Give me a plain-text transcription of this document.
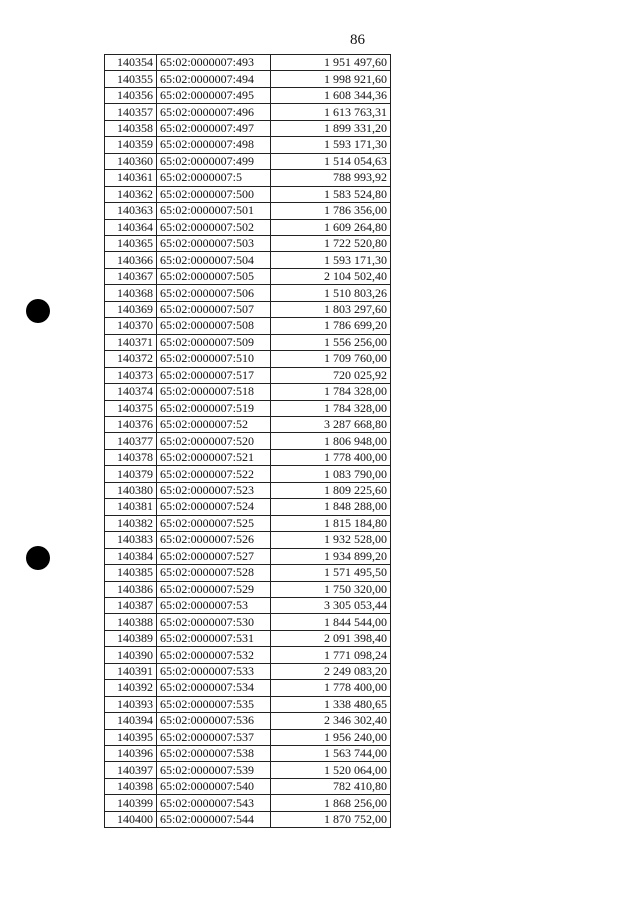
86
140354	65:02:0000007:493	1 951 497,60
140355	65:02:0000007:494	1 998 921,60
140356	65:02:0000007:495	1 608 344,36
140357	65:02:0000007:496	1 613 763,31
140358	65:02:0000007:497	1 899 331,20
140359	65:02:0000007:498	1 593 171,30
140360	65:02:0000007:499	1 514 054,63
140361	65:02:0000007:5	788 993,92
140362	65:02:0000007:500	1 583 524,80
140363	65:02:0000007:501	1 786 356,00
140364	65:02:0000007:502	1 609 264,80
140365	65:02:0000007:503	1 722 520,80
140366	65:02:0000007:504	1 593 171,30
140367	65:02:0000007:505	2 104 502,40
140368	65:02:0000007:506	1 510 803,26
140369	65:02:0000007:507	1 803 297,60
140370	65:02:0000007:508	1 786 699,20
140371	65:02:0000007:509	1 556 256,00
140372	65:02:0000007:510	1 709 760,00
140373	65:02:0000007:517	720 025,92
140374	65:02:0000007:518	1 784 328,00
140375	65:02:0000007:519	1 784 328,00
140376	65:02:0000007:52	3 287 668,80
140377	65:02:0000007:520	1 806 948,00
140378	65:02:0000007:521	1 778 400,00
140379	65:02:0000007:522	1 083 790,00
140380	65:02:0000007:523	1 809 225,60
140381	65:02:0000007:524	1 848 288,00
140382	65:02:0000007:525	1 815 184,80
140383	65:02:0000007:526	1 932 528,00
140384	65:02:0000007:527	1 934 899,20
140385	65:02:0000007:528	1 571 495,50
140386	65:02:0000007:529	1 750 320,00
140387	65:02:0000007:53	3 305 053,44
140388	65:02:0000007:530	1 844 544,00
140389	65:02:0000007:531	2 091 398,40
140390	65:02:0000007:532	1 771 098,24
140391	65:02:0000007:533	2 249 083,20
140392	65:02:0000007:534	1 778 400,00
140393	65:02:0000007:535	1 338 480,65
140394	65:02:0000007:536	2 346 302,40
140395	65:02:0000007:537	1 956 240,00
140396	65:02:0000007:538	1 563 744,00
140397	65:02:0000007:539	1 520 064,00
140398	65:02:0000007:540	782 410,80
140399	65:02:0000007:543	1 868 256,00
140400	65:02:0000007:544	1 870 752,00
